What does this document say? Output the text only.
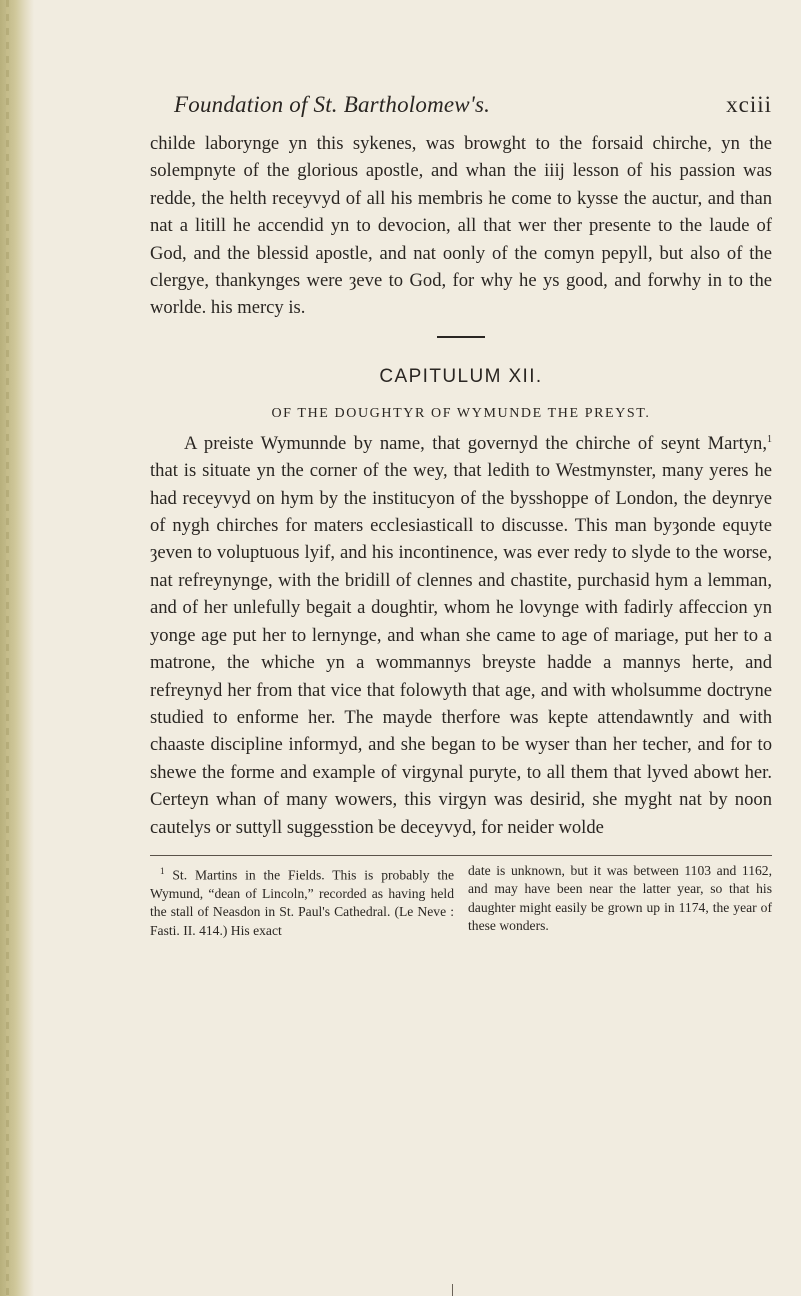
Foundation of St. Bartholomew's.	xciii

childe laborynge yn this sykenes, was browght to the forsaid chirche, yn the solempnyte of the glorious apostle, and whan the iiij lesson of his passion was redde, the helth receyvyd of all his membris he come to kysse the auctur, and than nat a litill he accendid yn to devocion, all that wer ther presente to the laude of God, and the blessid apostle, and nat oonly of the comyn pepyll, but also of the clergye, thankynges were ȝeve to God, for why he ys good, and forwhy in to the worlde. his mercy is.

CAPITULUM XII.
OF THE DOUGHTYR OF WYMUNDE THE PREYST.

A preiste Wymunnde by name, that governyd the chirche of seynt Martyn,$^1$ that is situate yn the corner of the wey, that ledith to Westmynster, many yeres he had receyvyd on hym by the institucyon of the bysshoppe of London, the deynrye of nygh chirches for maters ecclesiasticall to discusse. This man byȝonde equyte ȝeven to voluptuous lyif, and his incontinence, was ever redy to slyde to the worse, nat refreynynge, with the bridill of clennes and chastite, purchasid hym a lemman, and of her unlefully begait a doughtir, whom he lovynge with fadirly affeccion yn yonge age put her to lernynge, and whan she came to age of mariage, put her to a matrone, the whiche yn a wommannys breyste hadde a mannys herte, and refreynyd her from that vice that folowyth that age, and with wholsumme doctryne studied to enforme her. The mayde therfore was kepte attendawntly and with chaaste discipline informyd, and she began to be wyser than her techer, and for to shewe the forme and example of virgynal puryte, to all them that lyved abowt her. Certeyn whan of many wowers, this virgyn was desirid, she myght nat by noon cautelys or suttyll suggesstion be deceyvyd, for neider wolde

$^1$ St. Martins in the Fields. This is probably the Wymund, “dean of Lincoln,” recorded as having held the stall of Neasdon in St. Paul's Cathedral. (Le Neve : Fasti. II. 414.) His exact
date is unknown, but it was between 1103 and 1162, and may have been near the latter year, so that his daughter might easily be grown up in 1174, the year of these wonders.
